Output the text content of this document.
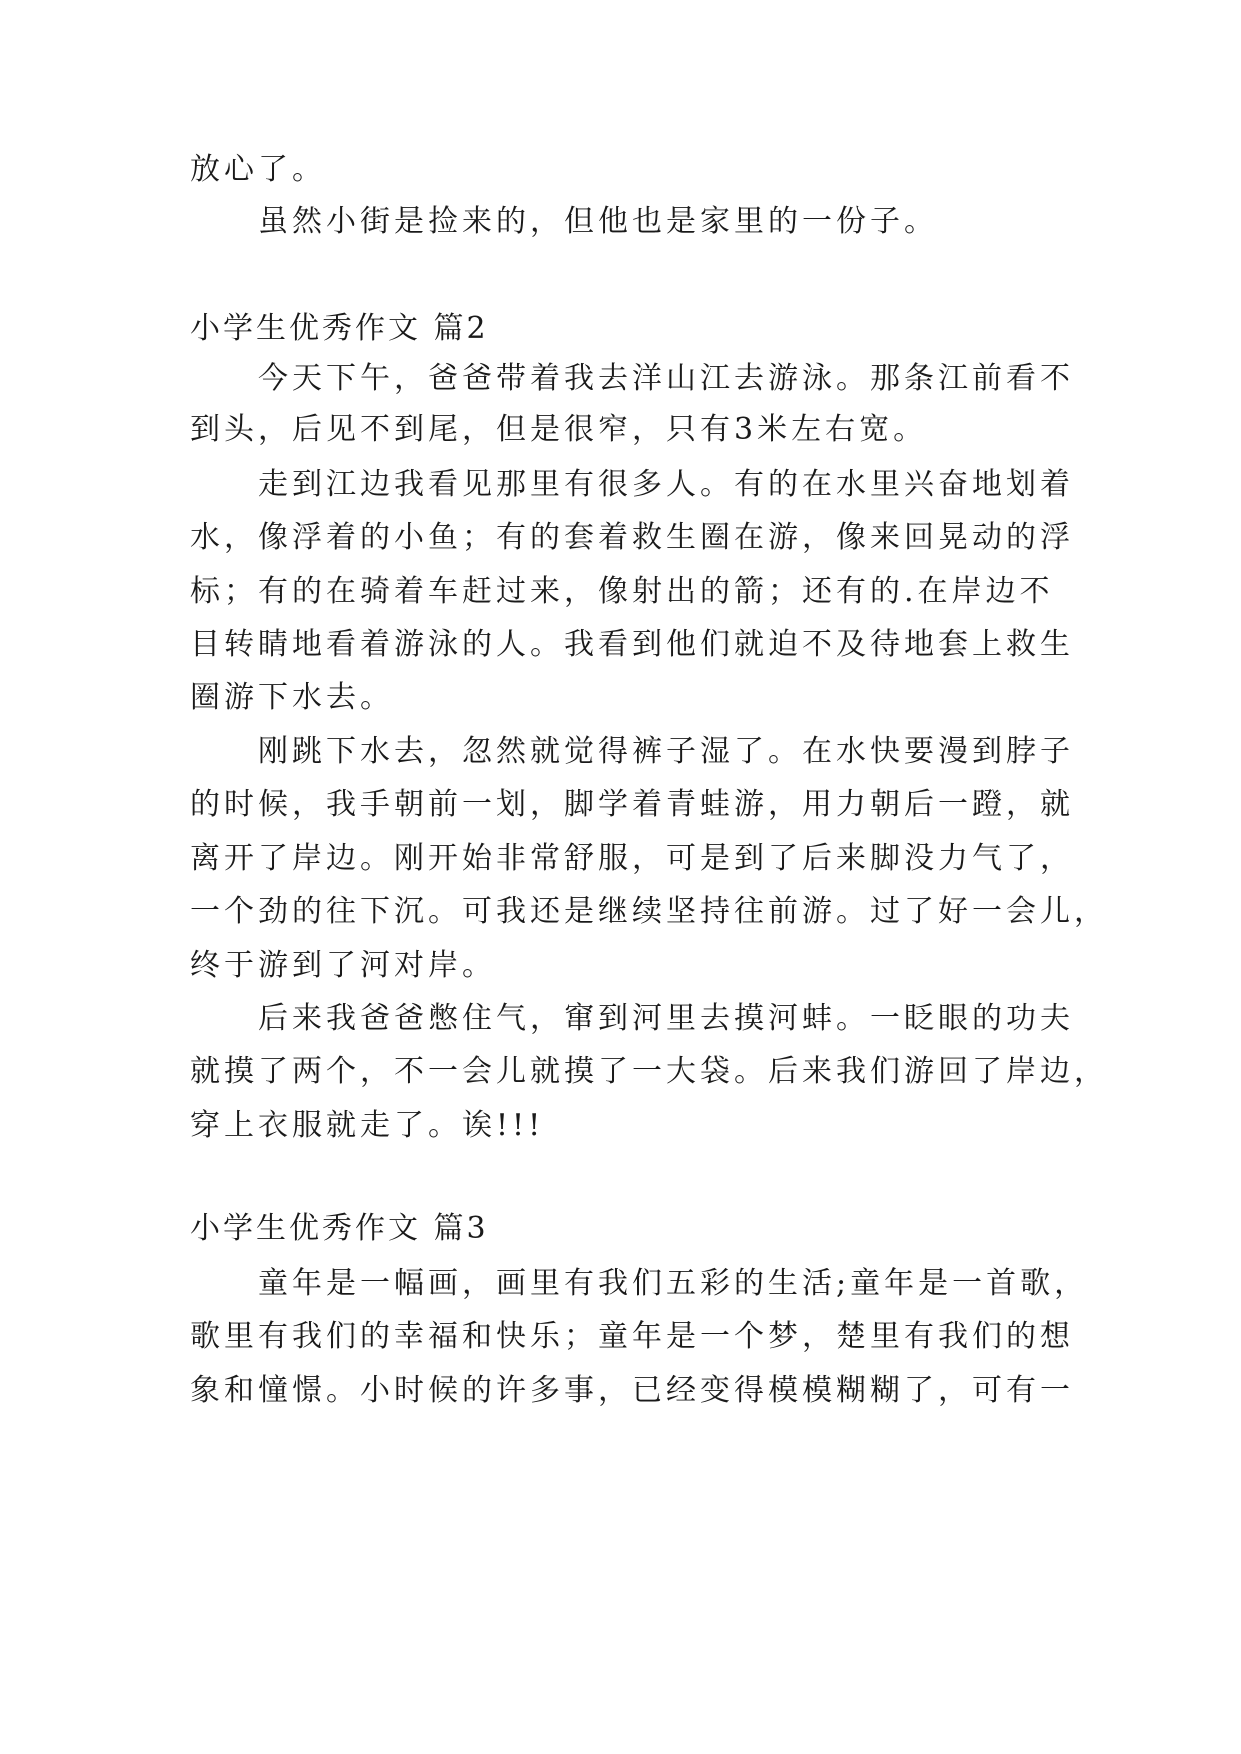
放心了。
虽然小街是捡来的，但他也是家里的一份子。
小学生优秀作文 篇2
今天下午，爸爸带着我去洋山江去游泳。那条江前看不
到头，后见不到尾，但是很窄，只有3米左右宽。
走到江边我看见那里有很多人。有的在水里兴奋地划着
水，像浮着的小鱼；有的套着救生圈在游，像来回晃动的浮
标；有的在骑着车赶过来，像射出的箭；还有的.在岸边不
目转睛地看着游泳的人。我看到他们就迫不及待地套上救生
圈游下水去。
刚跳下水去，忽然就觉得裤子湿了。在水快要漫到脖子
的时候，我手朝前一划，脚学着青蛙游，用力朝后一蹬，就
离开了岸边。刚开始非常舒服，可是到了后来脚没力气了，
一个劲的往下沉。可我还是继续坚持往前游。过了好一会儿，
终于游到了河对岸。
后来我爸爸憋住气，窜到河里去摸河蚌。一眨眼的功夫
就摸了两个，不一会儿就摸了一大袋。后来我们游回了岸边，
穿上衣服就走了。诶!!!
小学生优秀作文 篇3
童年是一幅画，画里有我们五彩的生活;童年是一首歌，
歌里有我们的幸福和快乐；童年是一个梦，楚里有我们的想
象和憧憬。小时候的许多事，已经变得模模糊糊了，可有一
